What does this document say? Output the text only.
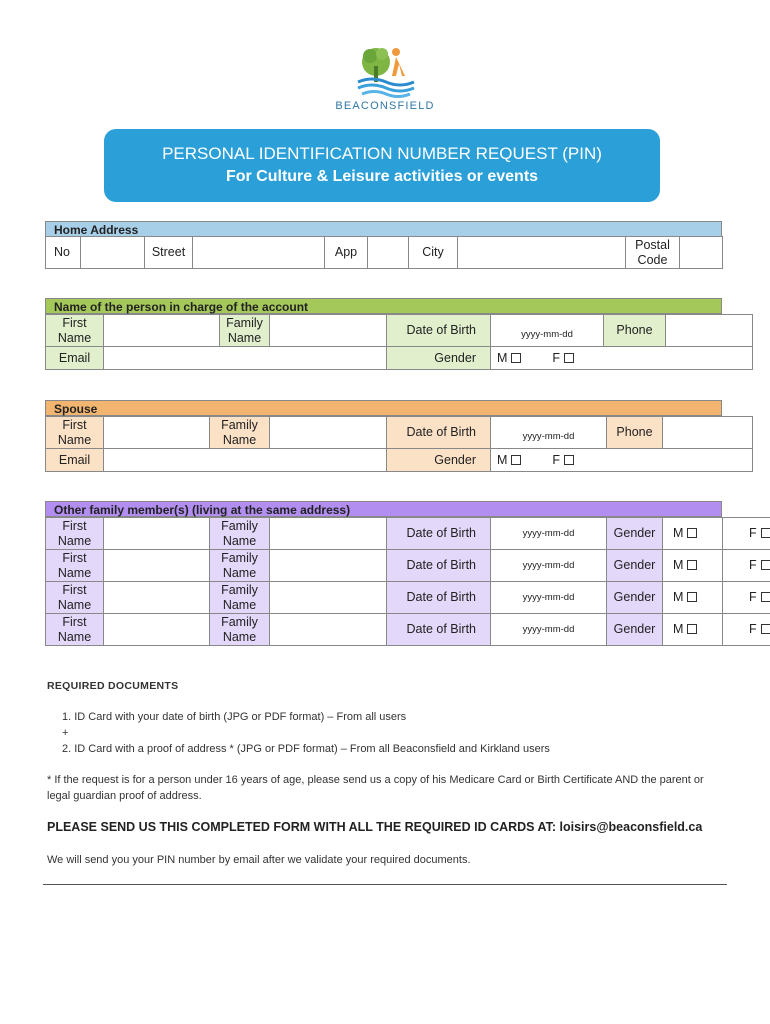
BEACONSFIELD
PERSONAL IDENTIFICATION NUMBER REQUEST (PIN)
For Culture & Leisure activities or events
Home Address
No		Street		App		City		Postal Code	
Name of the person in charge of the account
First Name		Family Name		Date of Birth	yyyy-mm-dd	Phone	
Email				Gender	M F		
Spouse
First Name		Family Name		Date of Birth	yyyy-mm-dd	Phone	
Email				Gender	M F		
Other family member(s) (living at the same address)
First Name		Family Name		Date of Birth	yyyy-mm-dd	Gender	M	F
First Name		Family Name		Date of Birth	yyyy-mm-dd	Gender	M	F
First Name		Family Name		Date of Birth	yyyy-mm-dd	Gender	M	F
First Name		Family Name		Date of Birth	yyyy-mm-dd	Gender	M	F
REQUIRED DOCUMENTS
1. ID Card with your date of birth (JPG or PDF format) – From all users
+
2. ID Card with a proof of address * (JPG or PDF format) – From all Beaconsfield and Kirkland users
* If the request is for a person under 16 years of age, please send us a copy of his Medicare Card or Birth Certificate AND the parent or legal guardian proof of address.
PLEASE SEND US THIS COMPLETED FORM WITH ALL THE REQUIRED ID CARDS AT: loisirs@beaconsfield.ca
We will send you your PIN number by email after we validate your required documents.
